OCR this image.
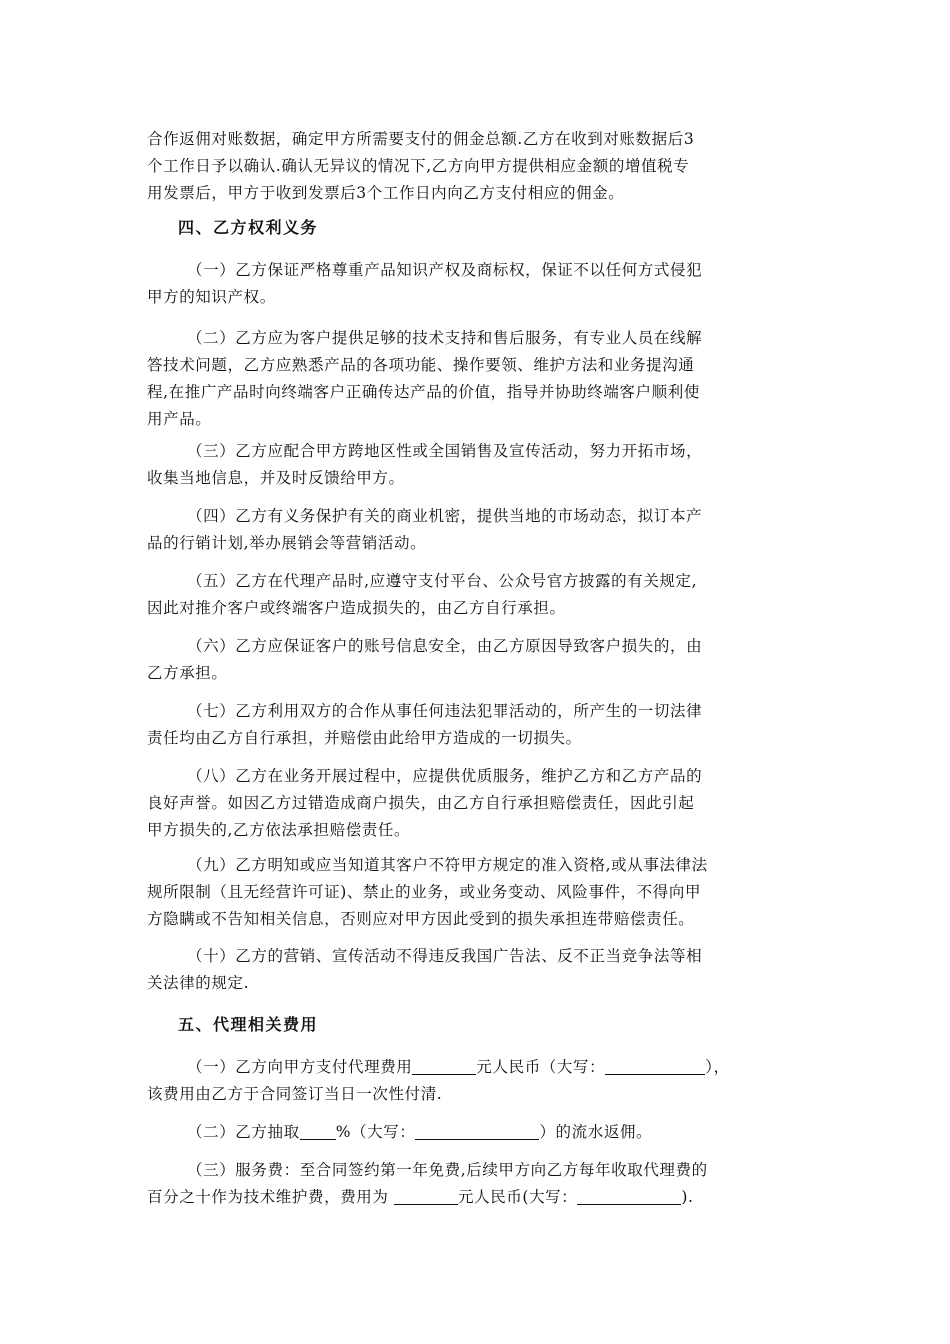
合作返佣对账数据，确定甲方所需要支付的佣金总额.乙方在收到对账数据后3
个工作日予以确认.确认无异议的情况下,乙方向甲方提供相应金额的增值税专
用发票后，甲方于收到发票后3个工作日内向乙方支付相应的佣金。

四、乙方权利义务

（一）乙方保证严格尊重产品知识产权及商标权，保证不以任何方式侵犯
甲方的知识产权。

（二）乙方应为客户提供足够的技术支持和售后服务，有专业人员在线解
答技术问题，乙方应熟悉产品的各项功能、操作要领、维护方法和业务提沟通
程,在推广产品时向终端客户正确传达产品的价值，指导并协助终端客户顺利使
用产品。

（三）乙方应配合甲方跨地区性或全国销售及宣传活动，努力开拓市场，
收集当地信息，并及时反馈给甲方。

（四）乙方有义务保护有关的商业机密，提供当地的市场动态，拟订本产
品的行销计划,举办展销会等营销活动。

（五）乙方在代理产品时,应遵守支付平台、公众号官方披露的有关规定,
因此对推介客户或终端客户造成损失的，由乙方自行承担。

（六）乙方应保证客户的账号信息安全，由乙方原因导致客户损失的，由
乙方承担。

（七）乙方利用双方的合作从事任何违法犯罪活动的，所产生的一切法律
责任均由乙方自行承担，并赔偿由此给甲方造成的一切损失。

（八）乙方在业务开展过程中，应提供优质服务，维护乙方和乙方产品的
良好声誉。如因乙方过错造成商户损失，由乙方自行承担赔偿责任，因此引起
甲方损失的,乙方依法承担赔偿责任。

（九）乙方明知或应当知道其客户不符甲方规定的准入资格,或从事法律法
规所限制（且无经营许可证)、禁止的业务，或业务变动、风险事件，不得向甲
方隐瞒或不告知相关信息，否则应对甲方因此受到的损失承担连带赔偿责任。

（十）乙方的营销、宣传活动不得违反我国广告法、反不正当竞争法等相
关法律的规定.

五、代理相关费用

（一）乙方向甲方支付代理费用	元人民币（大写：	），
该费用由乙方于合同签订当日一次性付清.

（二）乙方抽取 %（大写：	）的流水返佣。

（三）服务费：至合同签约第一年免费,后续甲方向乙方每年收取代理费的
百分之十作为技术维护费，费用为	元人民币(大写：	).
